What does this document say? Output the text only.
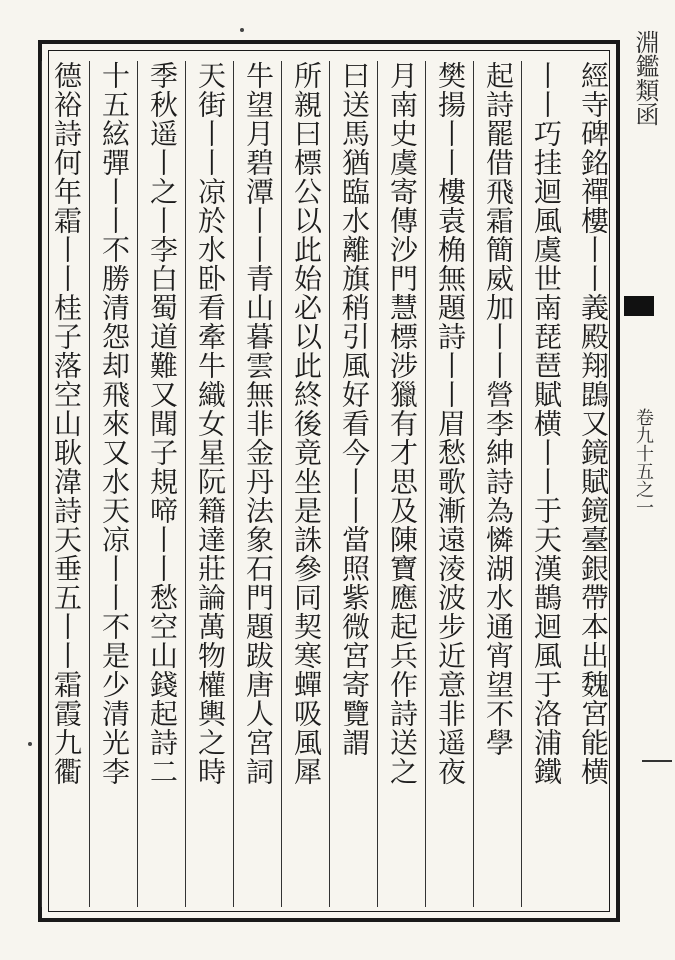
經寺碑銘禪樓丨丨義殿翔鵾又鏡賦鏡臺銀帶本出魏宮能横
丨丨巧挂迴風虞世南琵琶賦横丨丨于天漢鵲迴風于洛浦鐵
起詩罷借飛霜簡威加丨丨營李紳詩為憐湖水通宵望不學
樊揚丨丨樓袁桷無題詩丨丨眉愁歌漸遠淩波步近意非遥夜
月南史虞寄傳沙門慧標涉獵有才思及陳寶應起兵作詩送之
曰送馬猶臨水離旗稍引風好看今丨丨當照紫微宮寄覽謂
所親曰標公以此始必以此終後竟坐是誅參同契寒蟬吸風犀
牛望月碧潭丨丨青山暮雲無非金丹法象石門題跋唐人宮詞
天街丨丨凉於水卧看牽牛織女星阮籍達莊論萬物權輿之時
季秋遥丨之丨李白蜀道難又聞子規啼丨丨愁空山錢起詩二
十五絃彈丨丨不勝清怨却飛來又水天凉丨丨不是少清光李
德裕詩何年霜丨丨桂子落空山耿湋詩天垂五丨丨霜霞九衢	淵鑑類函
卷九十五之一
